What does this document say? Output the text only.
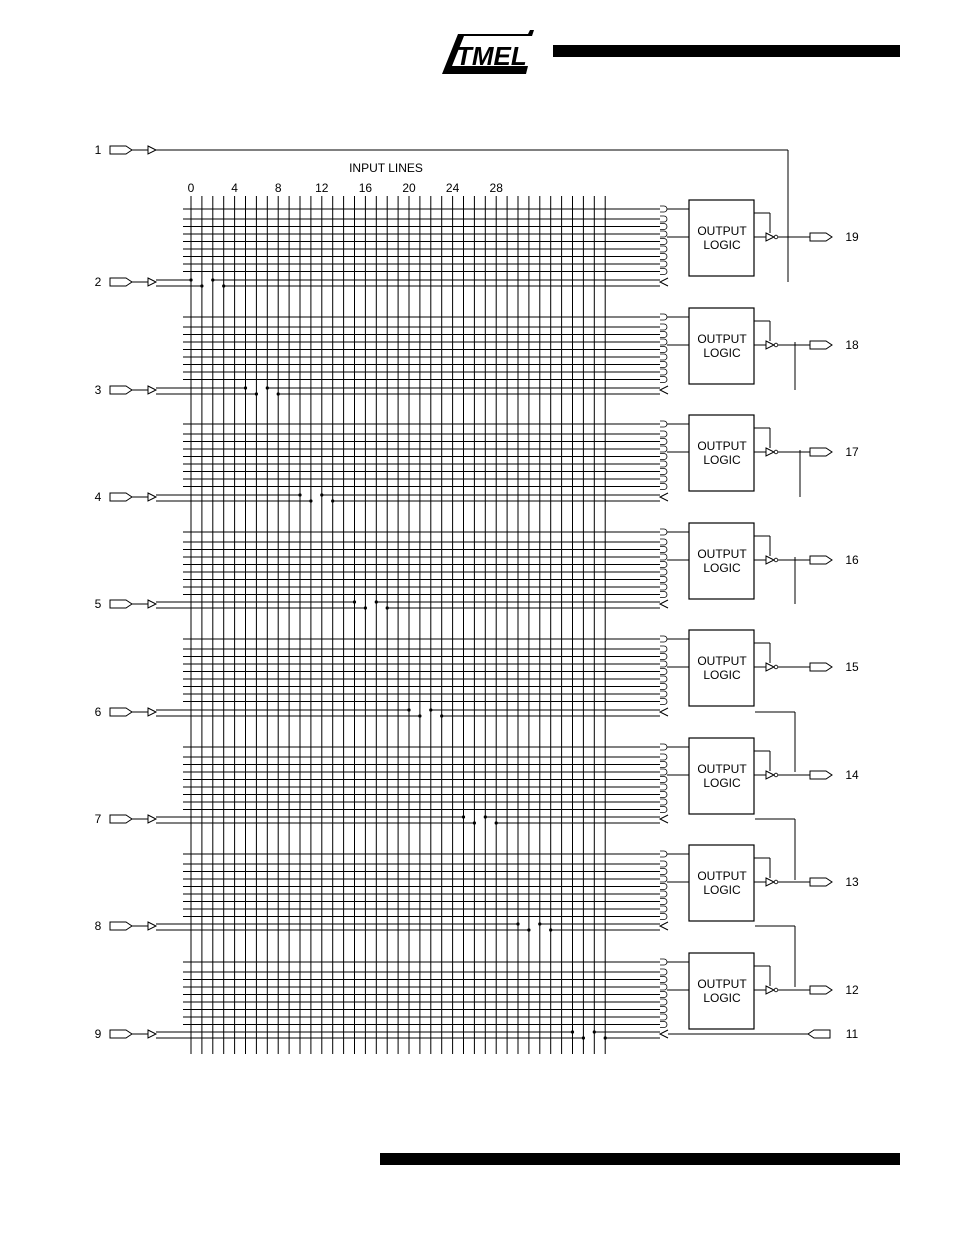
TMEL
INPUT LINES
0	4	8	12	16	20	24	28
OUTPUT
LOGIC
OUTPUT
LOGIC
OUTPUT
LOGIC
OUTPUT
LOGIC
OUTPUT
LOGIC
OUTPUT
LOGIC
OUTPUT
LOGIC
OUTPUT
LOGIC
1
2
3
4
5
6
7
8
9
19
18
17
16
15
14
13
12
11
